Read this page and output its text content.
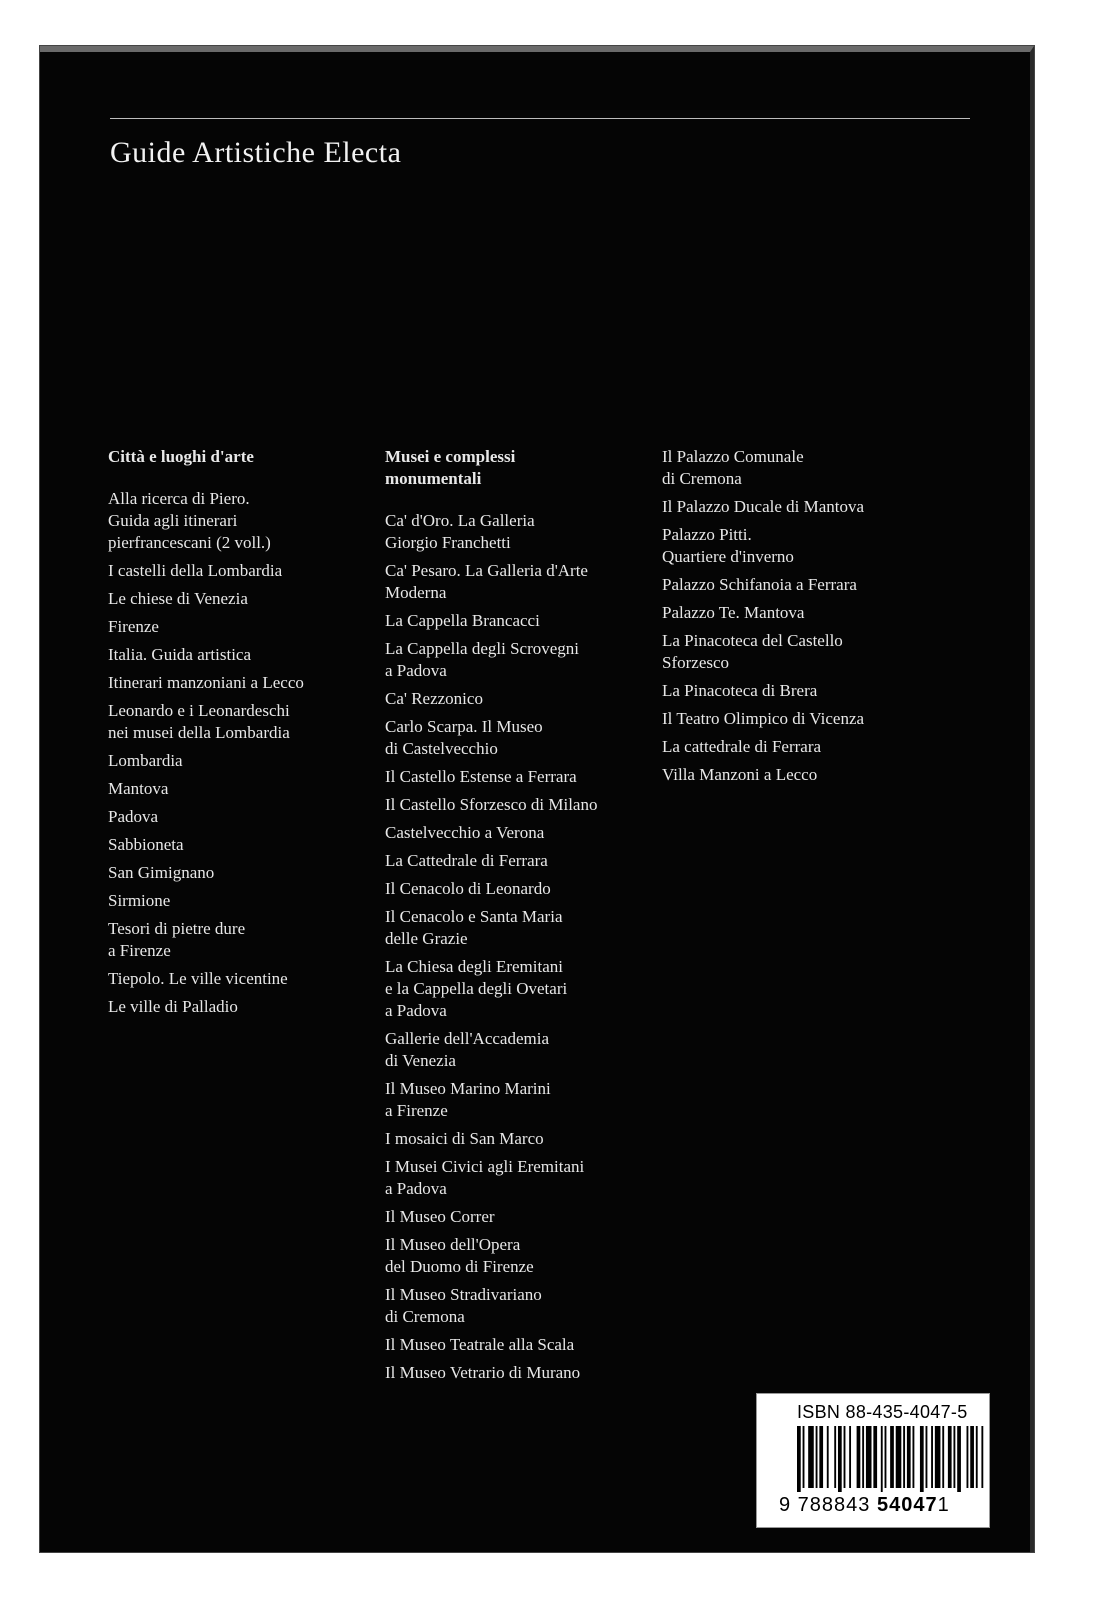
Guide Artistiche Electa
Città e luoghi d'arte
Alla ricerca di Piero.
Guida agli itinerari
pierfrancescani (2 voll.)
I castelli della Lombardia
Le chiese di Venezia
Firenze
Italia. Guida artistica
Itinerari manzoniani a Lecco
Leonardo e i Leonardeschi
nei musei della Lombardia
Lombardia
Mantova
Padova
Sabbioneta
San Gimignano
Sirmione
Tesori di pietre dure
a Firenze
Tiepolo. Le ville vicentine
Le ville di Palladio
Musei e complessi
monumentali
Ca' d'Oro. La Galleria
Giorgio Franchetti
Ca' Pesaro. La Galleria d'Arte
Moderna
La Cappella Brancacci
La Cappella degli Scrovegni
a Padova
Ca' Rezzonico
Carlo Scarpa. Il Museo
di Castelvecchio
Il Castello Estense a Ferrara
Il Castello Sforzesco di Milano
Castelvecchio a Verona
La Cattedrale di Ferrara
Il Cenacolo di Leonardo
Il Cenacolo e Santa Maria
delle Grazie
La Chiesa degli Eremitani
e la Cappella degli Ovetari
a Padova
Gallerie dell'Accademia
di Venezia
Il Museo Marino Marini
a Firenze
I mosaici di San Marco
I Musei Civici agli Eremitani
a Padova
Il Museo Correr
Il Museo dell'Opera
del Duomo di Firenze
Il Museo Stradivariano
di Cremona
Il Museo Teatrale alla Scala
Il Museo Vetrario di Murano
Il Palazzo Comunale
di Cremona
Il Palazzo Ducale di Mantova
Palazzo Pitti.
Quartiere d'inverno
Palazzo Schifanoia a Ferrara
Palazzo Te. Mantova
La Pinacoteca del Castello
Sforzesco
La Pinacoteca di Brera
Il Teatro Olimpico di Vicenza
La cattedrale di Ferrara
Villa Manzoni a Lecco
ISBN 88-435-4047-5
9 788843 540471
